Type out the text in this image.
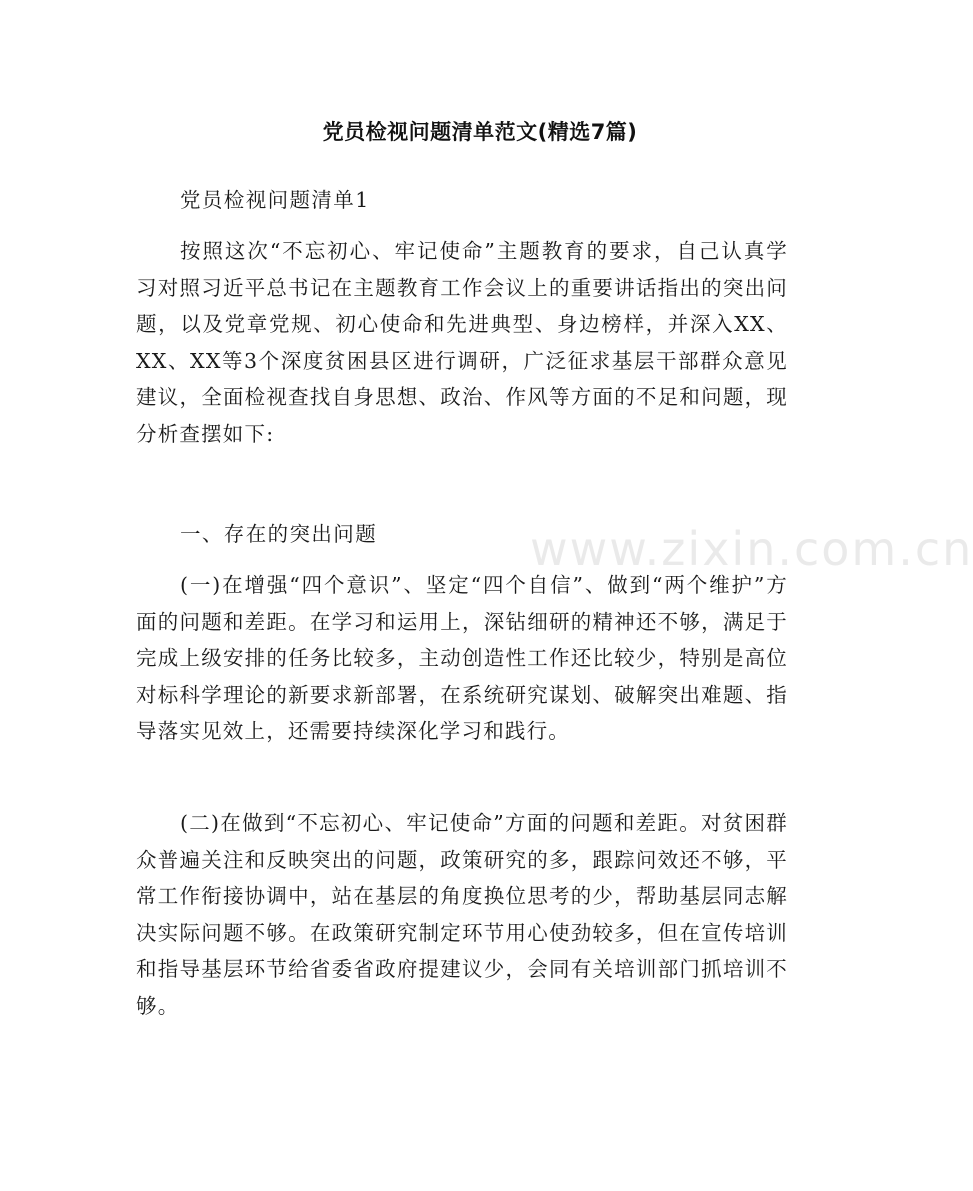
党员检视问题清单范文(精选7篇)

党员检视问题清单1

按照这次“不忘初心、牢记使命”主题教育的要求，自己认真学习对照习近平总书记在主题教育工作会议上的重要讲话指出的突出问题，以及党章党规、初心使命和先进典型、身边榜样，并深入XX、XX、XX等3个深度贫困县区进行调研，广泛征求基层干部群众意见建议，全面检视查找自身思想、政治、作风等方面的不足和问题，现分析查摆如下:

一、存在的突出问题

(一)在增强“四个意识”、坚定“四个自信”、做到“两个维护”方面的问题和差距。在学习和运用上，深钻细研的精神还不够，满足于完成上级安排的任务比较多，主动创造性工作还比较少，特别是高位对标科学理论的新要求新部署，在系统研究谋划、破解突出难题、指导落实见效上，还需要持续深化学习和践行。

(二)在做到“不忘初心、牢记使命”方面的问题和差距。对贫困群众普遍关注和反映突出的问题，政策研究的多，跟踪问效还不够，平常工作衔接协调中，站在基层的角度换位思考的少，帮助基层同志解决实际问题不够。在政策研究制定环节用心使劲较多，但在宣传培训和指导基层环节给省委省政府提建议少，会同有关培训部门抓培训不够。

www.zixin.com.cn
